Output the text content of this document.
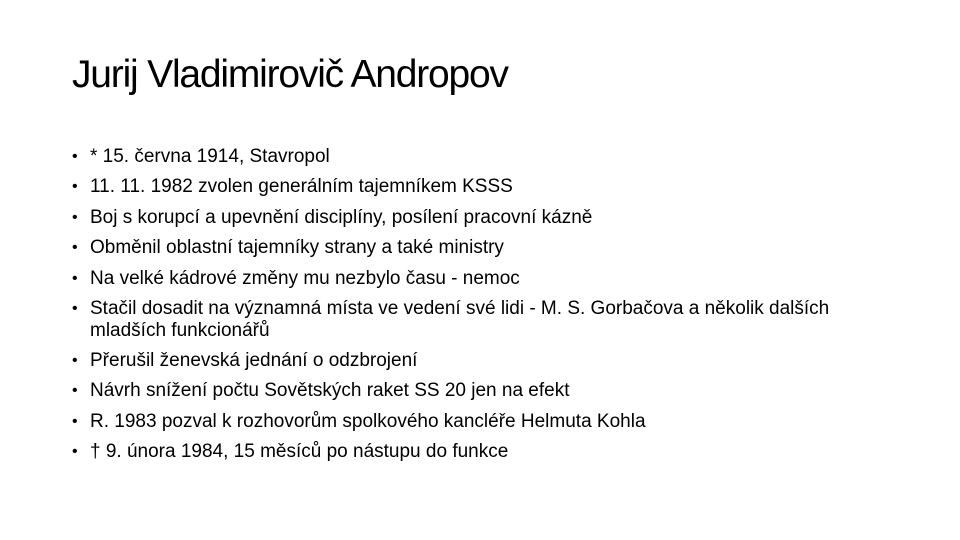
Jurij Vladimirovič Andropov
• * 15. června 1914, Stavropol
• 11. 11. 1982 zvolen generálním tajemníkem KSSS
• Boj s korupcí a upevnění disciplíny, posílení pracovní kázně
• Obměnil oblastní tajemníky strany a také ministry
• Na velké kádrové změny mu nezbylo času - nemoc
• Stačil dosadit na významná místa ve vedení své lidi - M. S. Gorbačova a několik dalších mladších funkcionářů
• Přerušil ženevská jednání o odzbrojení
• Návrh snížení počtu Sovětských raket SS 20 jen na efekt
• R. 1983 pozval k rozhovorům spolkového kancléře Helmuta Kohla
• † 9. února 1984, 15 měsíců po nástupu do funkce
